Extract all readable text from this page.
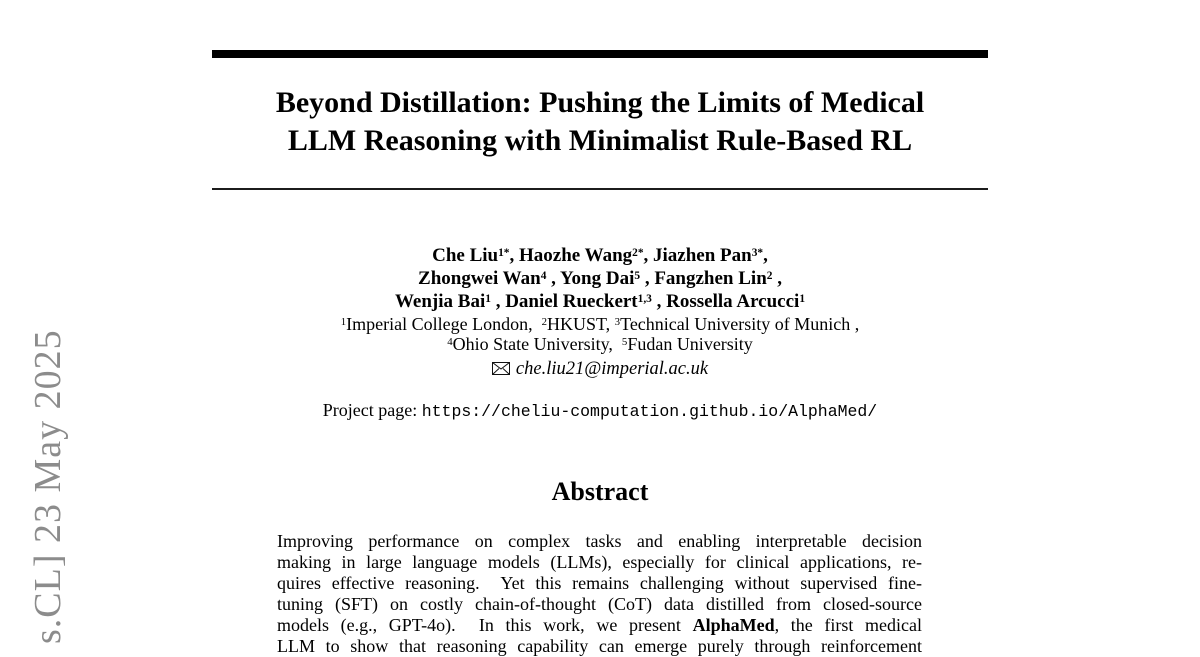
s.CL] 23 May 2025
Beyond Distillation: Pushing the Limits of Medical
LLM Reasoning with Minimalist Rule-Based RL
Che Liu$^{1*}$, Haozhe Wang$^{2*}$, Jiazhen Pan$^{3*}$,
Zhongwei Wan$^4$ , Yong Dai$^5$ , Fangzhen Lin$^2$ ,
Wenjia Bai$^1$ , Daniel Rueckert$^{1,3}$ , Rossella Arcucci$^1$
$^1$Imperial College London,  $^2$HKUST, $^3$Technical University of Munich ,
$^4$Ohio State University,  $^5$Fudan University
che.liu21@imperial.ac.uk
Project page: https://cheliu-computation.github.io/AlphaMed/
Abstract
Improving performance on complex tasks and enabling interpretable decision
making in large language models (LLMs), especially for clinical applications, re-
quires effective reasoning.  Yet this remains challenging without supervised fine-
tuning (SFT) on costly chain-of-thought (CoT) data distilled from closed-source
models (e.g., GPT-4o).  In this work, we present AlphaMed, the first medical
LLM to show that reasoning capability can emerge purely through reinforcement
